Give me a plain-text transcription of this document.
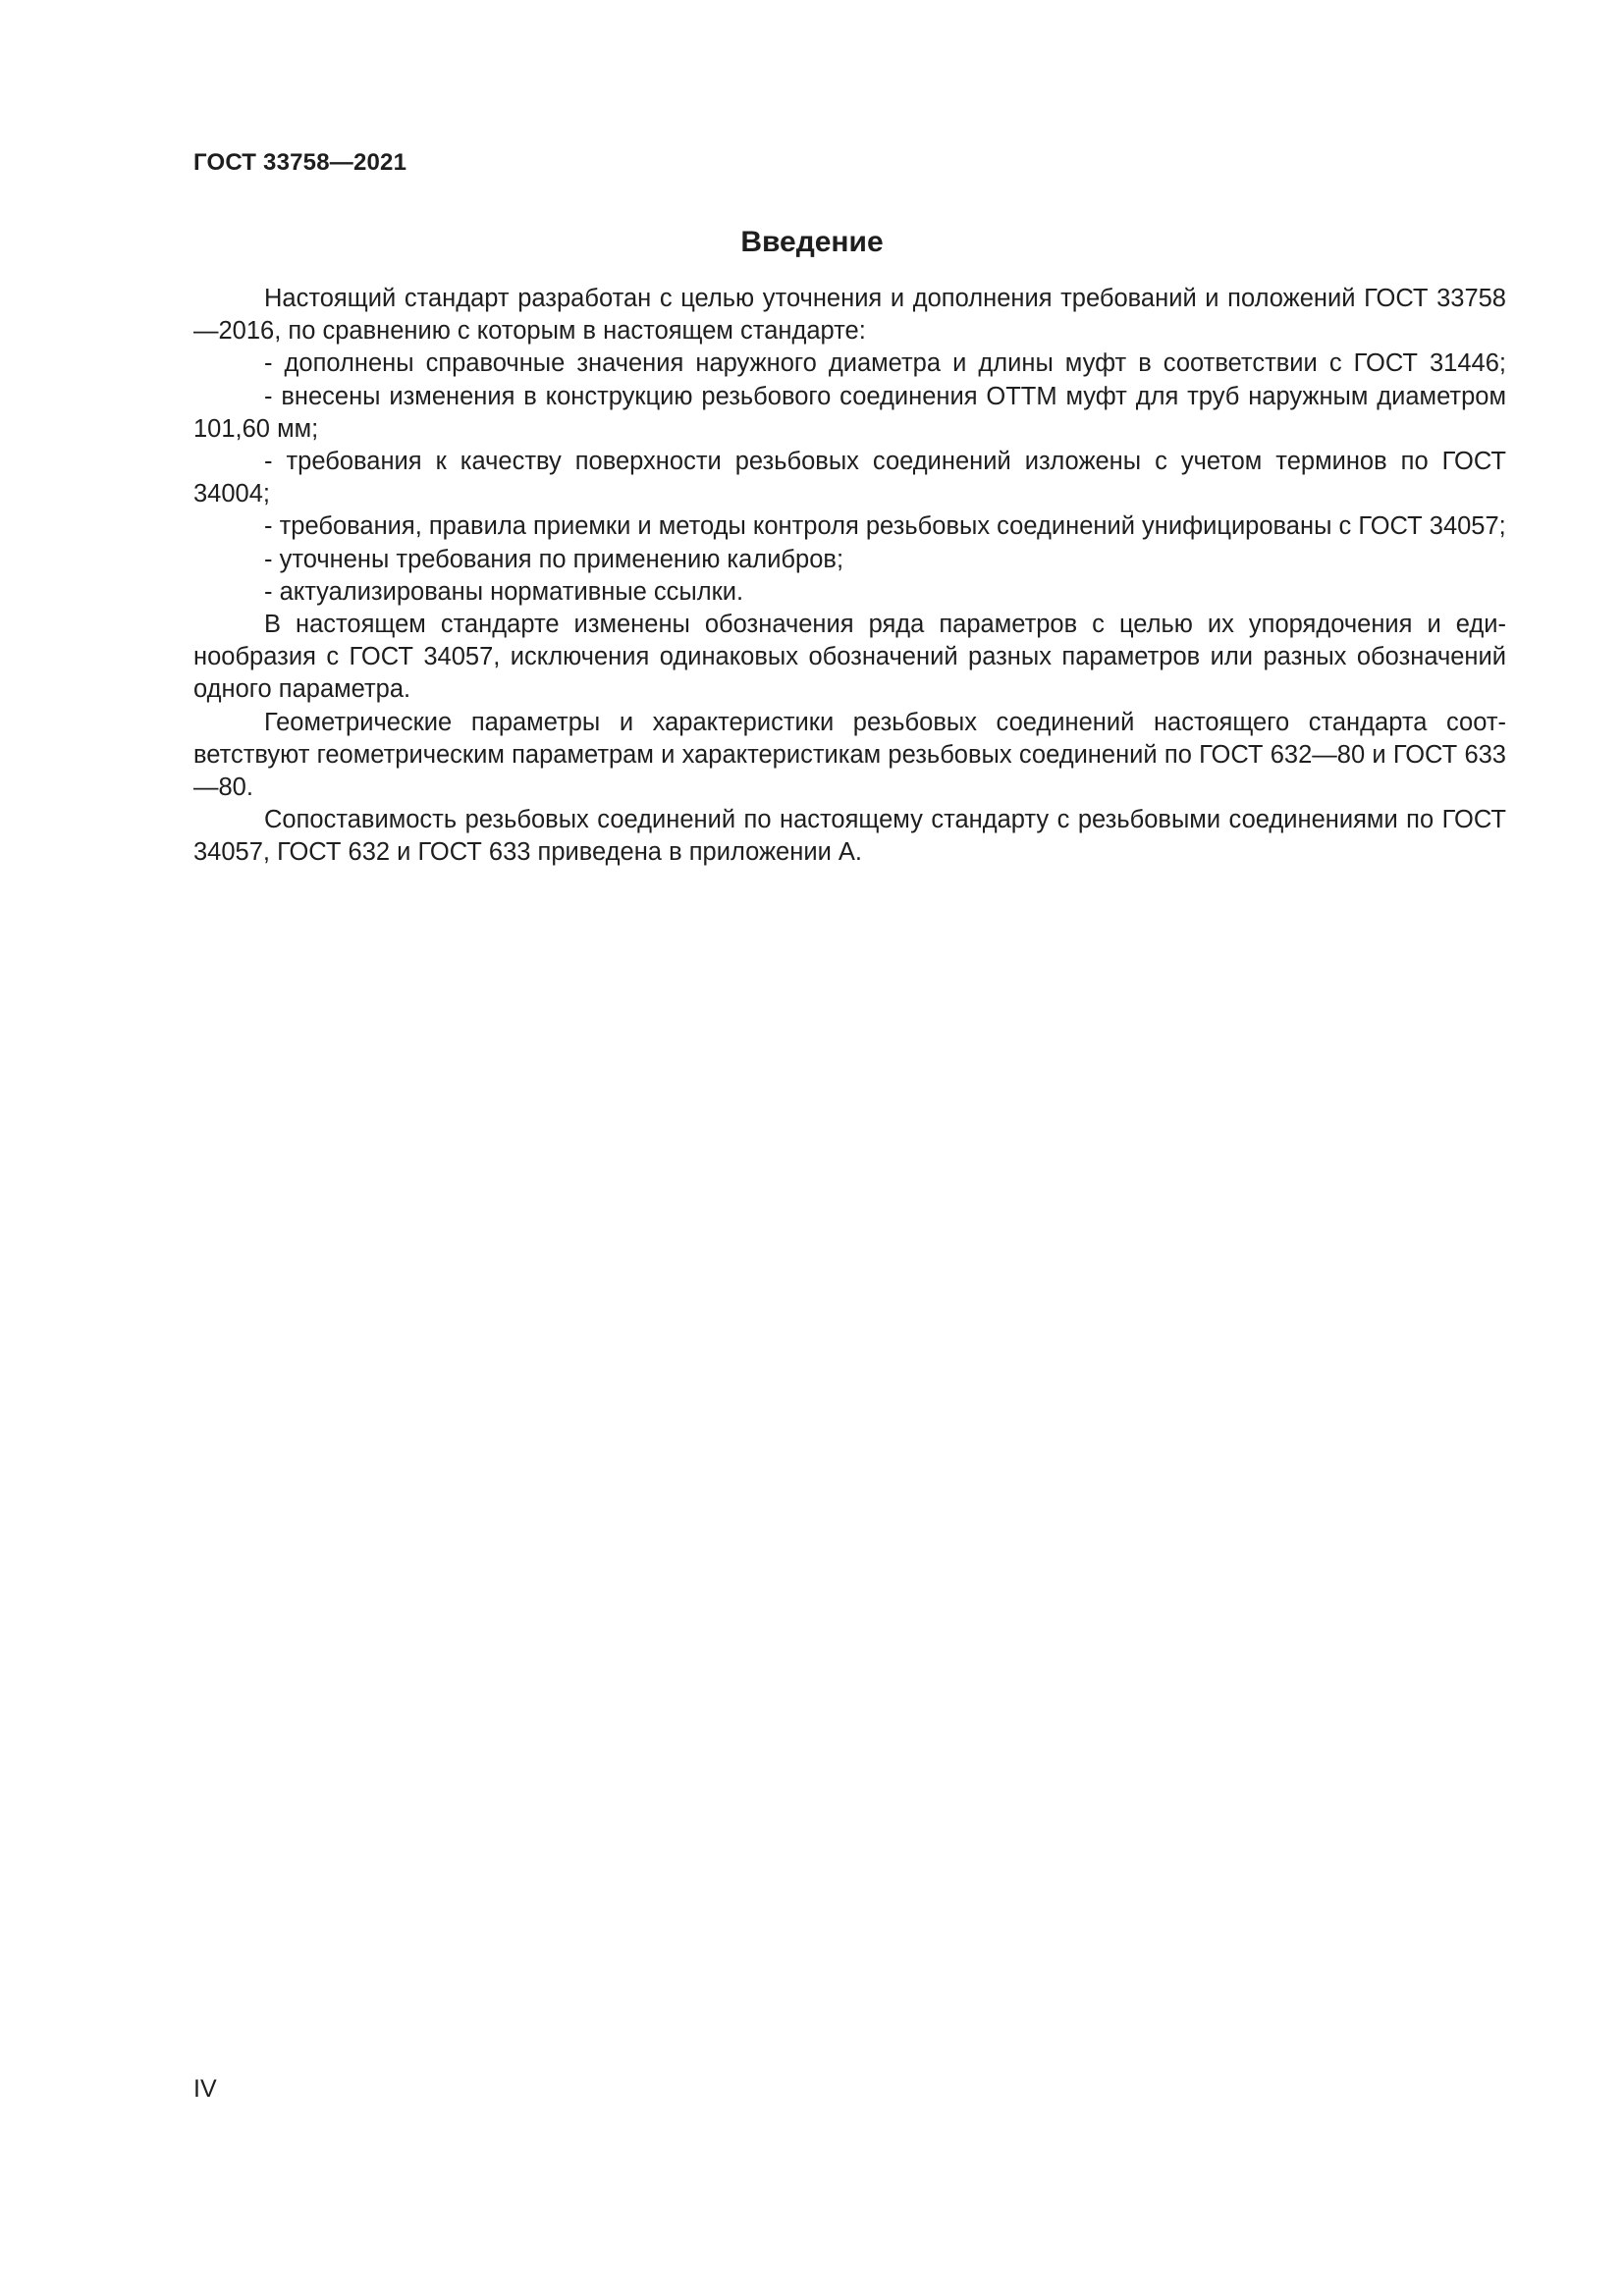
ГОСТ 33758—2021
Введение

Настоящий стандарт разработан с целью уточнения и дополнения требований и положений ГОСТ 33758—2016, по сравнению с которым в настоящем стандарте:

- дополнены справочные значения наружного диаметра и длины муфт в соответствии с ГОСТ 31446;

- внесены изменения в конструкцию резьбового соединения ОТТМ муфт для труб наружным диаметром 101,60 мм;

- требования к качеству поверхности резьбовых соединений изложены с учетом терминов по ГОСТ 34004;

- требования, правила приемки и методы контроля резьбовых соединений унифицированы с ГОСТ 34057;

- уточнены требования по применению калибров;

- актуализированы нормативные ссылки.

В настоящем стандарте изменены обозначения ряда параметров с целью их упорядочения и единообразия с ГОСТ 34057, исключения одинаковых обозначений разных параметров или разных обозначений одного параметра.

Геометрические параметры и характеристики резьбовых соединений настоящего стандарта соответствуют геометрическим параметрам и характеристикам резьбовых соединений по ГОСТ 632—80 и ГОСТ 633—80.

Сопоставимость резьбовых соединений по настоящему стандарту с резьбовыми соединениями по ГОСТ 34057, ГОСТ 632 и ГОСТ 633 приведена в приложении А.

IV
